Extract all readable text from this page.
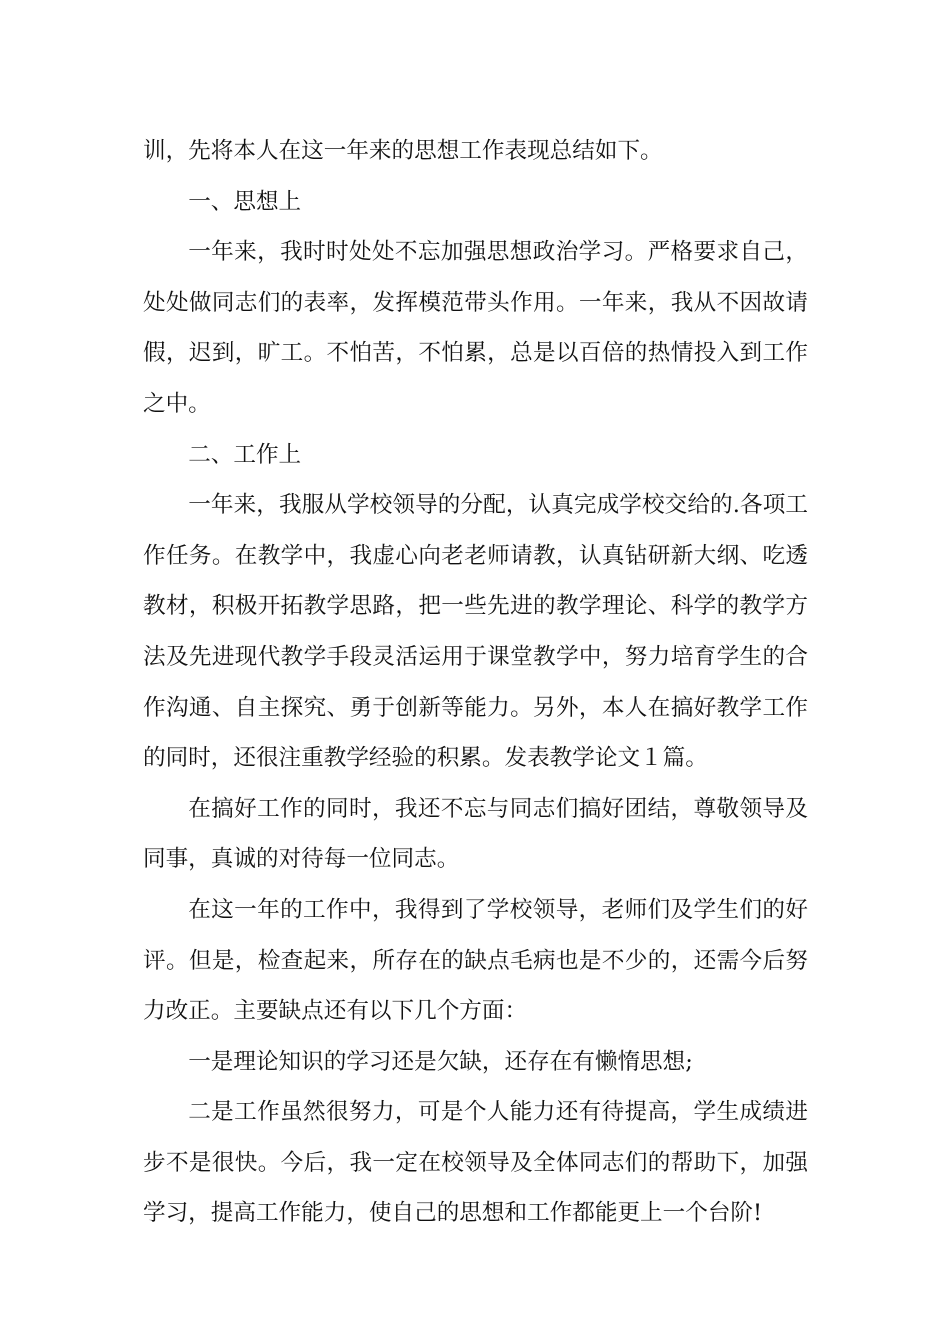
训，先将本人在这一年来的思想工作表现总结如下。

一、思想上

一年来，我时时处处不忘加强思想政治学习。严格要求自己，处处做同志们的表率，发挥模范带头作用。一年来，我从不因故请假，迟到，旷工。不怕苦，不怕累，总是以百倍的热情投入到工作之中。

二、工作上

一年来，我服从学校领导的分配，认真完成学校交给的.各项工作任务。在教学中，我虚心向老老师请教，认真钻研新大纲、吃透教材，积极开拓教学思路，把一些先进的教学理论、科学的教学方法及先进现代教学手段灵活运用于课堂教学中，努力培育学生的合作沟通、自主探究、勇于创新等能力。另外，本人在搞好教学工作的同时，还很注重教学经验的积累。发表教学论文１篇。

在搞好工作的同时，我还不忘与同志们搞好团结，尊敬领导及同事，真诚的对待每一位同志。

在这一年的工作中，我得到了学校领导，老师们及学生们的好评。但是，检查起来，所存在的缺点毛病也是不少的，还需今后努力改正。主要缺点还有以下几个方面：

一是理论知识的学习还是欠缺，还存在有懒惰思想;

二是工作虽然很努力，可是个人能力还有待提高，学生成绩进步不是很快。今后，我一定在校领导及全体同志们的帮助下，加强学习，提高工作能力，使自己的思想和工作都能更上一个台阶!
